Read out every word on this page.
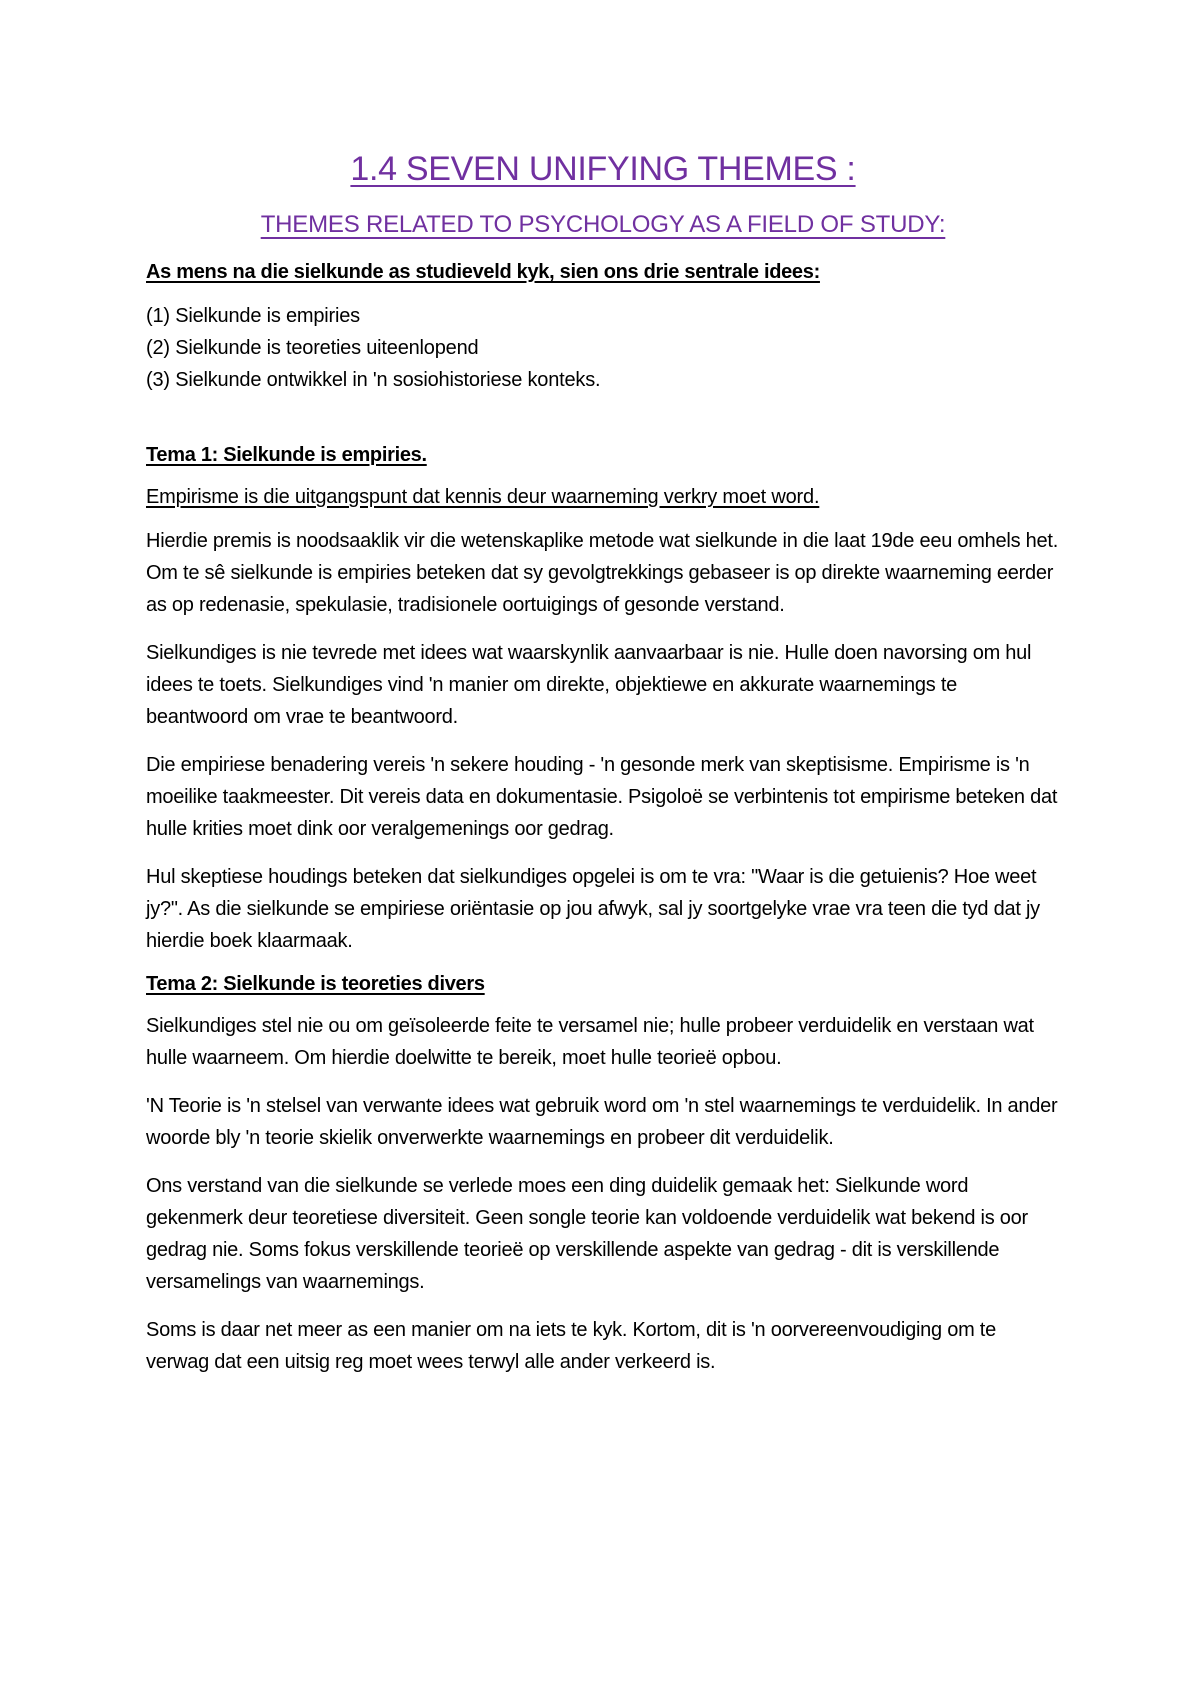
1.4 SEVEN UNIFYING THEMES :
THEMES RELATED TO PSYCHOLOGY AS A FIELD OF STUDY:
As mens na die sielkunde as studieveld kyk, sien ons drie sentrale idees:
(1) Sielkunde is empiries
(2) Sielkunde is teoreties uiteenlopend
(3) Sielkunde ontwikkel in 'n sosiohistoriese konteks.
Tema 1: Sielkunde is empiries.
Empirisme is die uitgangspunt dat kennis deur waarneming verkry moet word.

Hierdie premis is noodsaaklik vir die wetenskaplike metode wat sielkunde in die laat 19de eeu omhels het. Om te sê sielkunde is empiries beteken dat sy gevolgtrekkings gebaseer is op direkte waarneming eerder as op redenasie, spekulasie, tradisionele oortuigings of gesonde verstand.

Sielkundiges is nie tevrede met idees wat waarskynlik aanvaarbaar is nie. Hulle doen navorsing om hul idees te toets. Sielkundiges vind 'n manier om direkte, objektiewe en akkurate waarnemings te beantwoord om vrae te beantwoord.

Die empiriese benadering vereis 'n sekere houding - 'n gesonde merk van skeptisisme. Empirisme is 'n moeilike taakmeester. Dit vereis data en dokumentasie. Psigoloë se verbintenis tot empirisme beteken dat hulle krities moet dink oor veralgemenings oor gedrag.

Hul skeptiese houdings beteken dat sielkundiges opgelei is om te vra: "Waar is die getuienis? Hoe weet jy?". As die sielkunde se empiriese oriëntasie op jou afwyk, sal jy soortgelyke vrae vra teen die tyd dat jy hierdie boek klaarmaak.

Tema 2: Sielkunde is teoreties divers

Sielkundiges stel nie ou om geïsoleerde feite te versamel nie; hulle probeer verduidelik en verstaan wat hulle waarneem. Om hierdie doelwitte te bereik, moet hulle teorieë opbou.

'N Teorie is 'n stelsel van verwante idees wat gebruik word om 'n stel waarnemings te verduidelik. In ander woorde bly 'n teorie skielik onverwerkte waarnemings en probeer dit verduidelik.

Ons verstand van die sielkunde se verlede moes een ding duidelik gemaak het: Sielkunde word gekenmerk deur teoretiese diversiteit. Geen songle teorie kan voldoende verduidelik wat bekend is oor gedrag nie. Soms fokus verskillende teorieë op verskillende aspekte van gedrag - dit is verskillende versamelings van waarnemings.

Soms is daar net meer as een manier om na iets te kyk. Kortom, dit is 'n oorvereenvoudiging om te verwag dat een uitsig reg moet wees terwyl alle ander verkeerd is.
